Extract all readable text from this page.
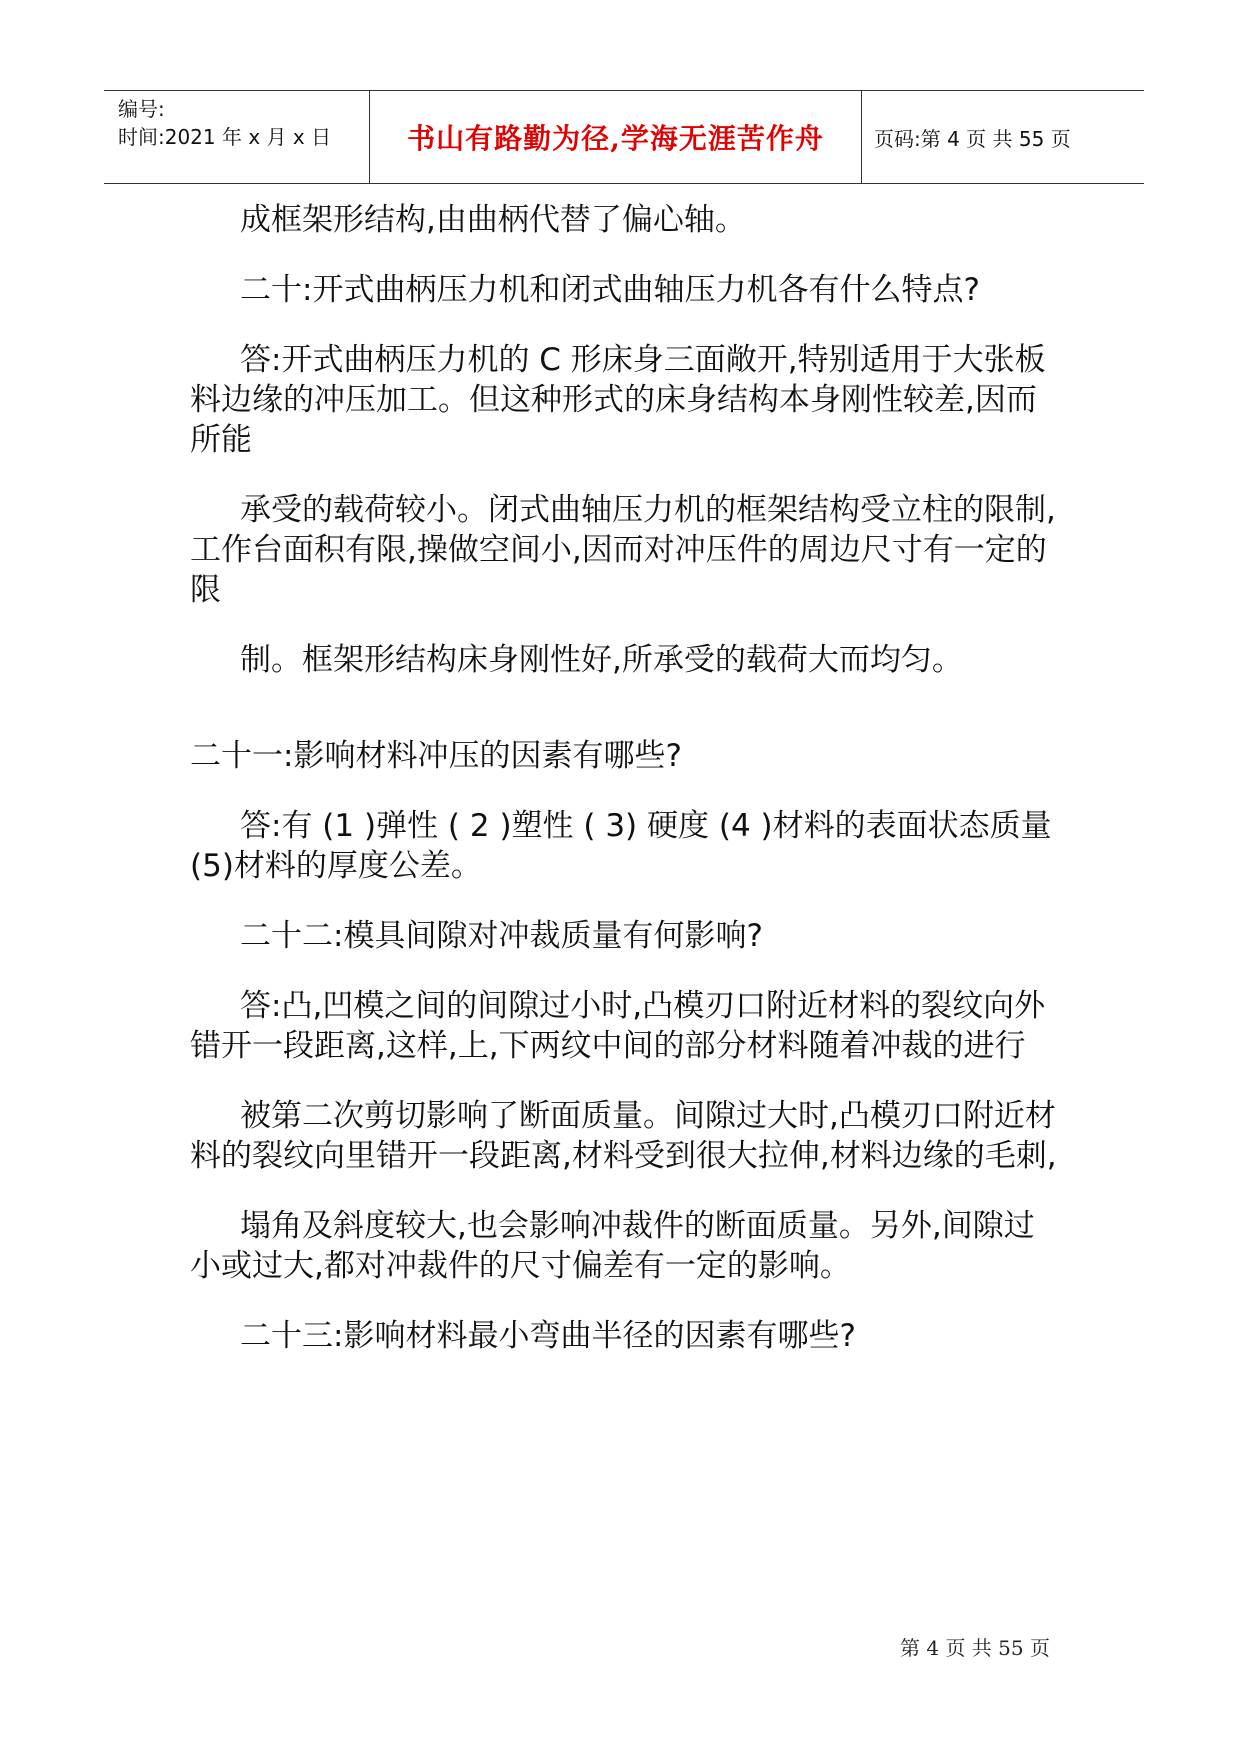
编号:
时间:2021 年 x 月 x 日	书山有路勤为径,学海无涯苦作舟	页码:第 4 页 共 55 页

成框架形结构,由曲柄代替了偏心轴。

二十:开式曲柄压力机和闭式曲轴压力机各有什么特点?

答:开式曲柄压力机的 C 形床身三面敞开,特别适用于大张板料边缘的冲压加工。但这种形式的床身结构本身刚性较差,因而所能

承受的载荷较小。闭式曲轴压力机的框架结构受立柱的限制,工作台面积有限,操做空间小,因而对冲压件的周边尺寸有一定的限

制。框架形结构床身刚性好,所承受的载荷大而均匀。

二十一:影响材料冲压的因素有哪些?

答:有 (1 )弹性 ( 2 )塑性 ( 3) 硬度 (4 )材料的表面状态质量 (5)材料的厚度公差。

二十二:模具间隙对冲裁质量有何影响?

答:凸,凹模之间的间隙过小时,凸模刃口附近材料的裂纹向外错开一段距离,这样,上,下两纹中间的部分材料随着冲裁的进行

被第二次剪切影响了断面质量。间隙过大时,凸模刃口附近材料的裂纹向里错开一段距离,材料受到很大拉伸,材料边缘的毛刺,

塌角及斜度较大,也会影响冲裁件的断面质量。另外,间隙过小或过大,都对冲裁件的尺寸偏差有一定的影响。

二十三:影响材料最小弯曲半径的因素有哪些?

第 4 页 共 55 页
